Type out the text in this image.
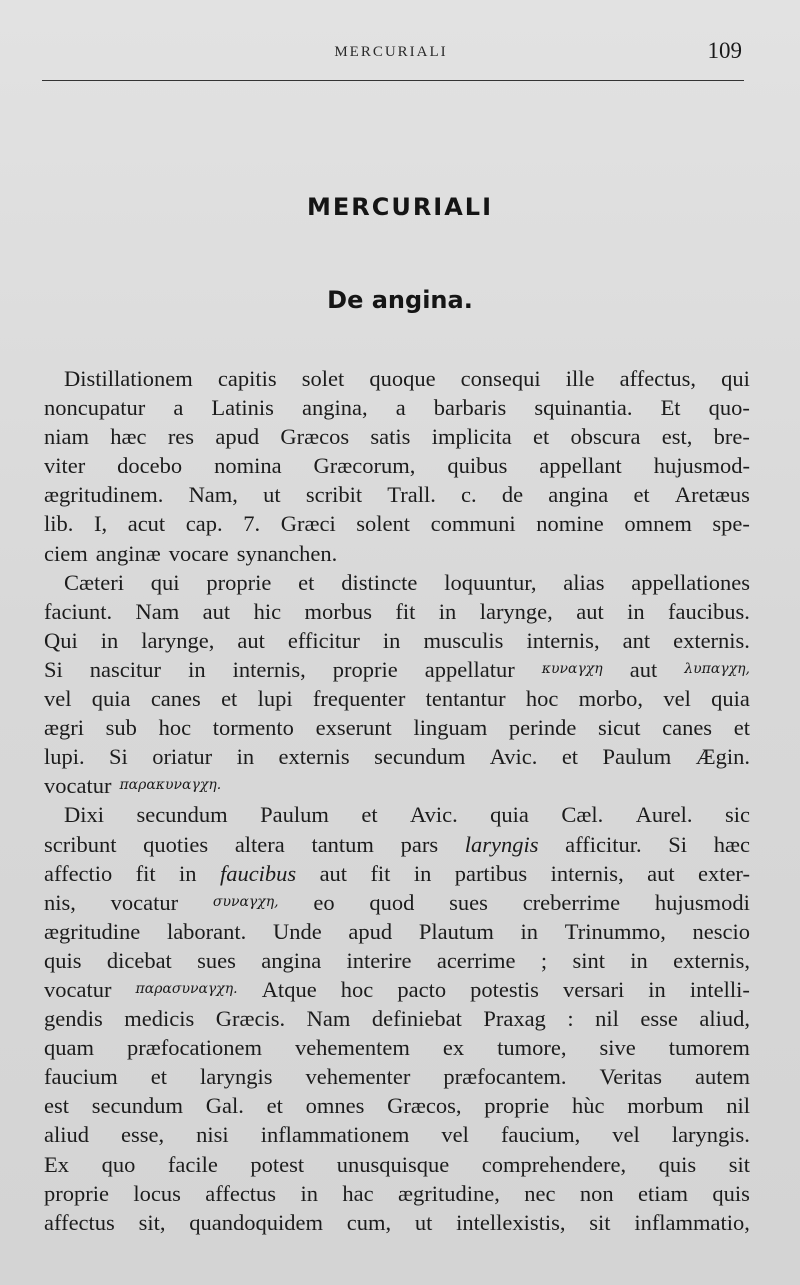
MERCURIALI	109
MERCURIALI
De angina.
Distillationem capitis solet quoque consequi ille affectus, qui
noncupatur a Latinis angina, a barbaris squinantia. Et quo-
niam hæc res apud Græcos satis implicita et obscura est, bre-
viter docebo nomina Græcorum, quibus appellant hujusmod-
ægritudinem. Nam, ut scribit Trall. c. de angina et Aretæus
lib. I, acut cap. 7. Græci solent communi nomine omnem spe-
ciem anginæ vocare synanchen.
Cæteri qui proprie et distincte loquuntur, alias appellationes
faciunt. Nam aut hic morbus fit in larynge, aut in faucibus.
Qui in larynge, aut efficitur in musculis internis, ant externis.
Si nascitur in internis, proprie appellatur κυναγχη aut λυπαγχη,
vel quia canes et lupi frequenter tentantur hoc morbo, vel quia
ægri sub hoc tormento exserunt linguam perinde sicut canes et
lupi. Si oriatur in externis secundum Avic. et Paulum Ægin.
vocatur παρακυναγχη.
Dixi secundum Paulum et Avic. quia Cæl. Aurel. sic
scribunt quoties altera tantum pars laryngis afficitur. Si hæc
affectio fit in faucibus aut fit in partibus internis, aut exter-
nis, vocatur συναγχη, eo quod sues creberrime hujusmodi
ægritudine laborant. Unde apud Plautum in Trinummo, nescio
quis dicebat sues angina interire acerrime ; sint in externis,
vocatur παρασυναγχη. Atque hoc pacto potestis versari in intelli-
gendis medicis Græcis. Nam definiebat Praxag : nil esse aliud,
quam præfocationem vehementem ex tumore, sive tumorem
faucium et laryngis vehementer præfocantem. Veritas autem
est secundum Gal. et omnes Græcos, proprie hùc morbum nil
aliud esse, nisi inflammationem vel faucium, vel laryngis.
Ex quo facile potest unusquisque comprehendere, quis sit
proprie locus affectus in hac ægritudine, nec non etiam quis
affectus sit, quandoquidem cum, ut intellexistis, sit inflammatio,
